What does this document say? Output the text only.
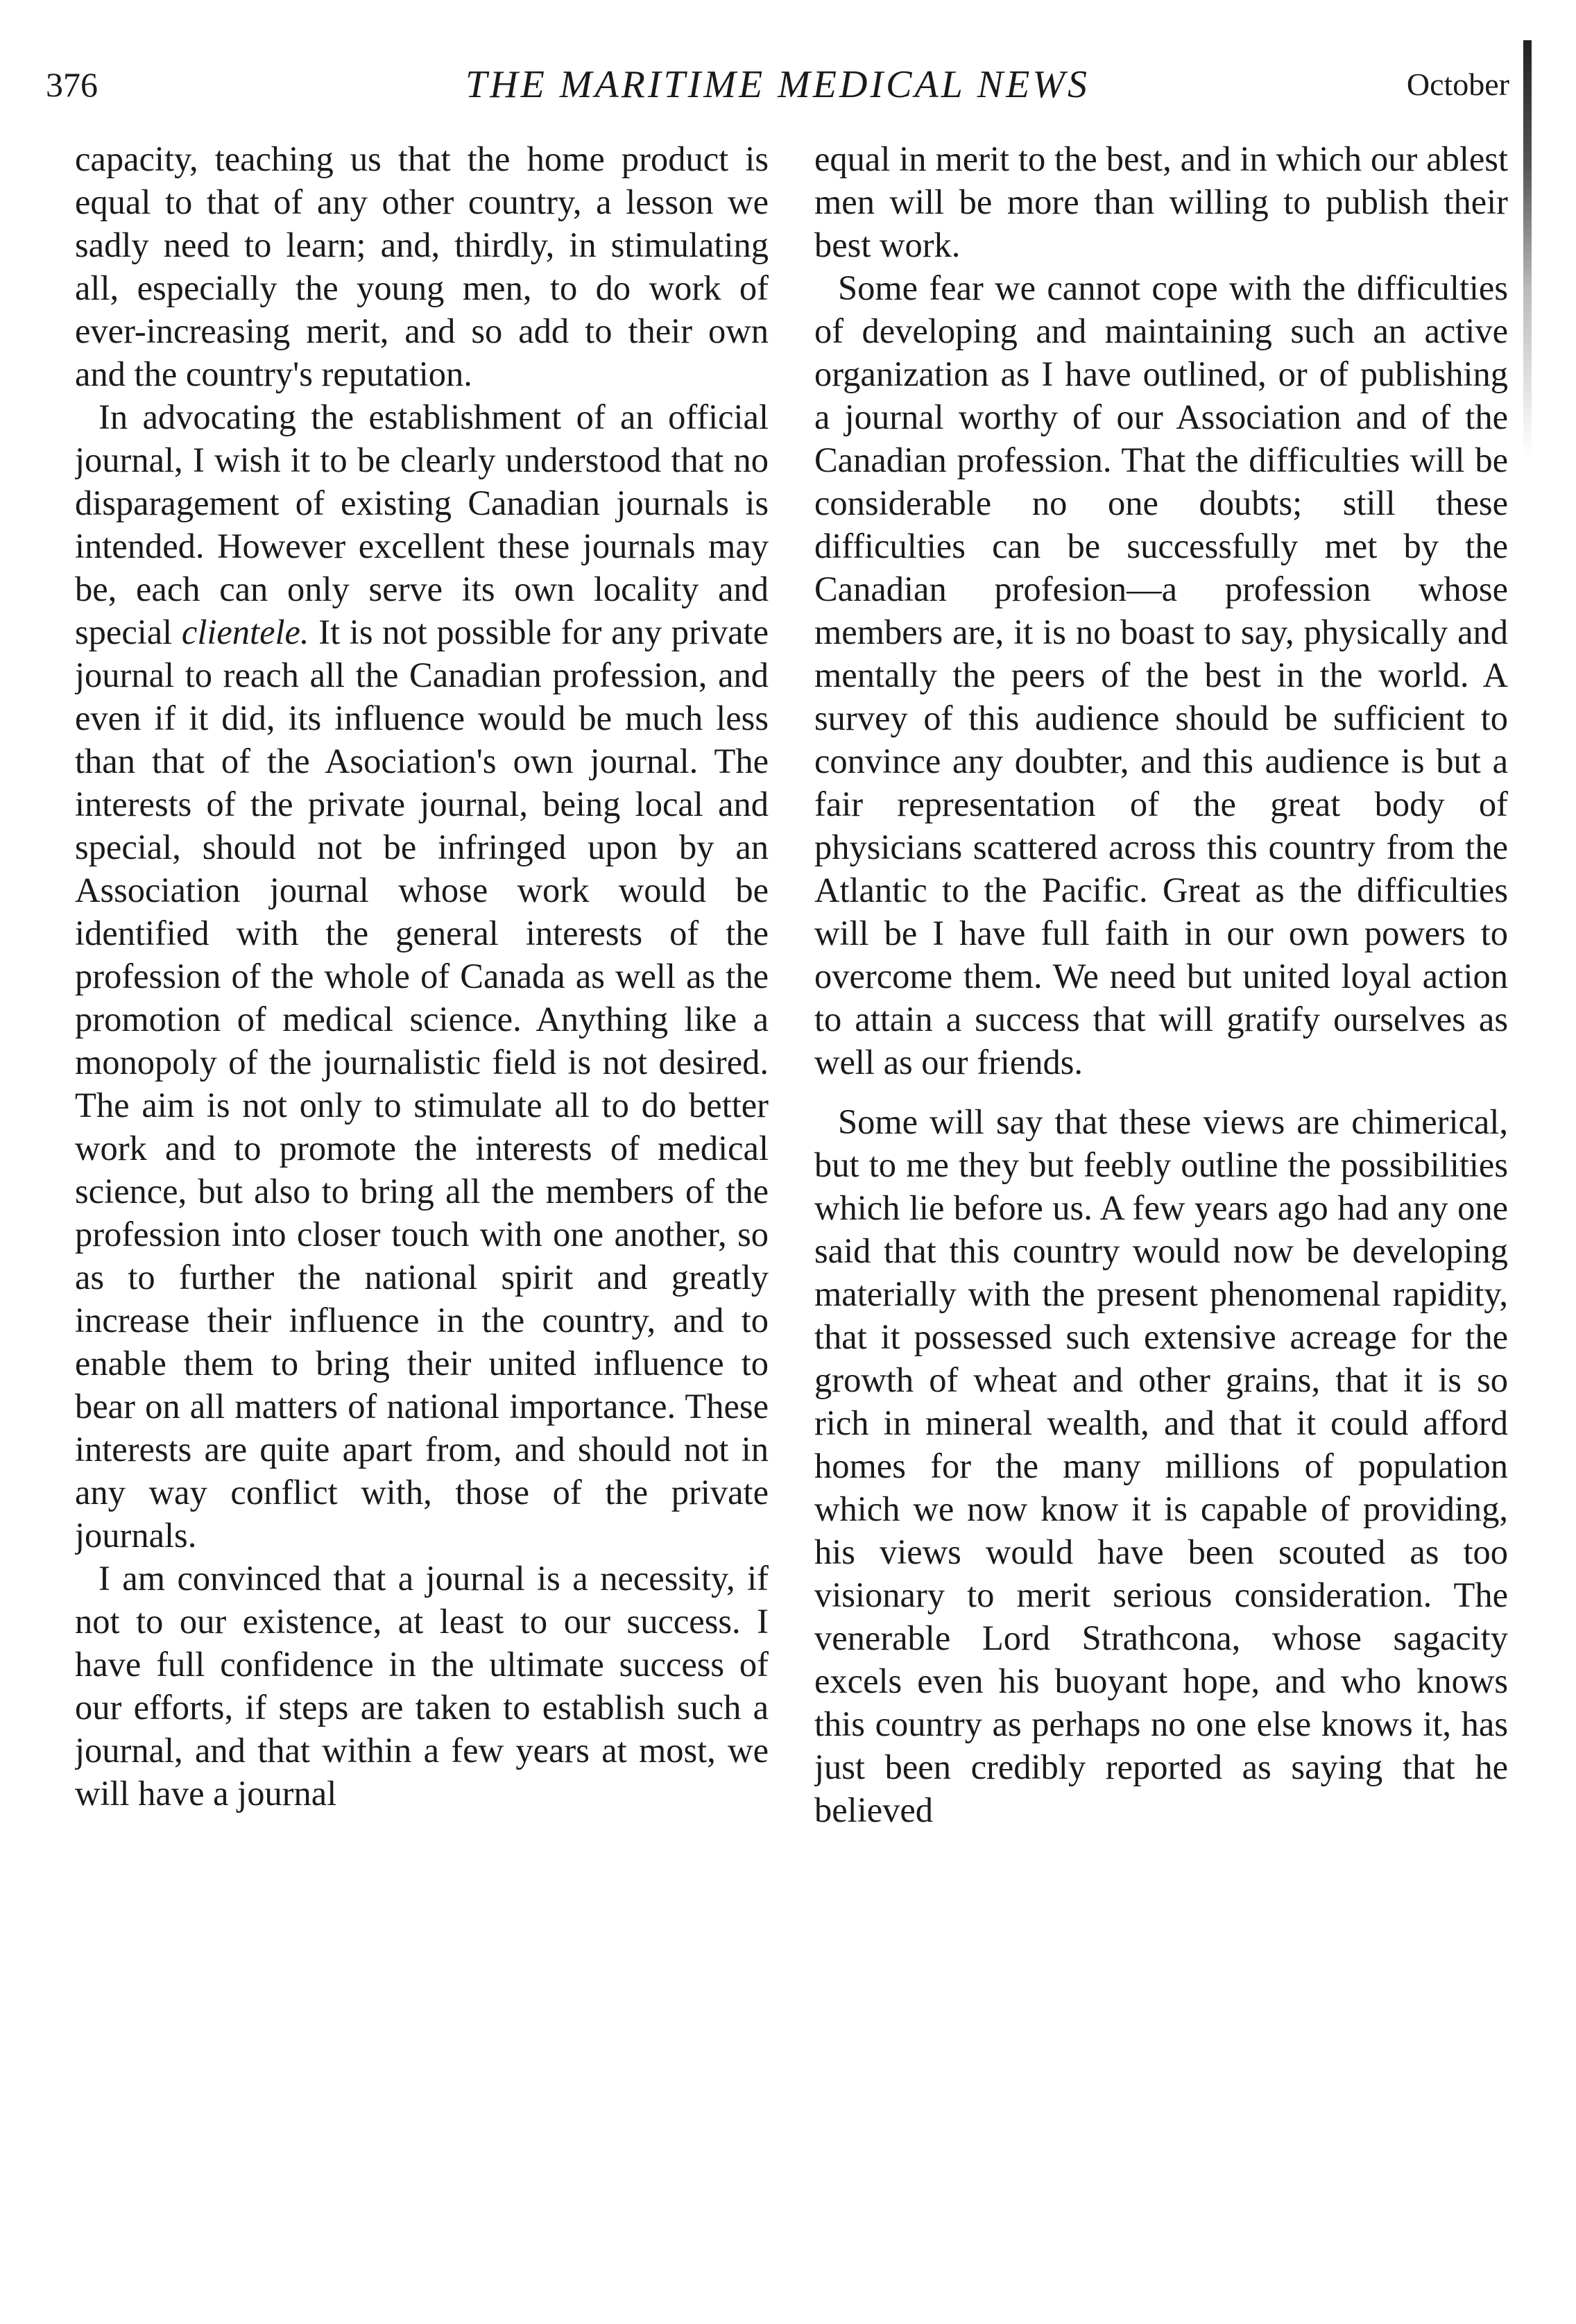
376	THE MARITIME MEDICAL NEWS	October

capacity, teaching us that the home product is equal to that of any other country, a lesson we sadly need to learn; and, thirdly, in stimulating all, especially the young men, to do work of ever-increasing merit, and so add to their own and the country's reputation.

In advocating the establishment of an official journal, I wish it to be clearly understood that no disparagement of existing Canadian journals is intended. However excellent these journals may be, each can only serve its own locality and special clientele. It is not possible for any private journal to reach all the Canadian profession, and even if it did, its influence would be much less than that of the Asociation's own journal. The interests of the private journal, being local and special, should not be infringed upon by an Association journal whose work would be identified with the general interests of the profession of the whole of Canada as well as the promotion of medical science. Anything like a monopoly of the journalistic field is not desired. The aim is not only to stimulate all to do better work and to promote the interests of medical science, but also to bring all the members of the profession into closer touch with one another, so as to further the national spirit and greatly increase their influence in the country, and to enable them to bring their united influence to bear on all matters of national importance. These interests are quite apart from, and should not in any way conflict with, those of the private journals.

I am convinced that a journal is a necessity, if not to our existence, at least to our success. I have full confidence in the ultimate success of our efforts, if steps are taken to establish such a journal, and that within a few years at most, we will have a journal

equal in merit to the best, and in which our ablest men will be more than willing to publish their best work.

Some fear we cannot cope with the difficulties of developing and maintaining such an active organization as I have outlined, or of publishing a journal worthy of our Association and of the Canadian profession. That the difficulties will be considerable no one doubts; still these difficulties can be successfully met by the Canadian profesion—a profession whose members are, it is no boast to say, physically and mentally the peers of the best in the world. A survey of this audience should be sufficient to convince any doubter, and this audience is but a fair representation of the great body of physicians scattered across this country from the Atlantic to the Pacific. Great as the difficulties will be I have full faith in our own powers to overcome them. We need but united loyal action to attain a success that will gratify ourselves as well as our friends.

Some will say that these views are chimerical, but to me they but feebly outline the possibilities which lie before us. A few years ago had any one said that this country would now be developing materially with the present phenomenal rapidity, that it possessed such extensive acreage for the growth of wheat and other grains, that it is so rich in mineral wealth, and that it could afford homes for the many millions of population which we now know it is capable of providing, his views would have been scouted as too visionary to merit serious consideration. The venerable Lord Strathcona, whose sagacity excels even his buoyant hope, and who knows this country as perhaps no one else knows it, has just been credibly reported as saying that he believed
